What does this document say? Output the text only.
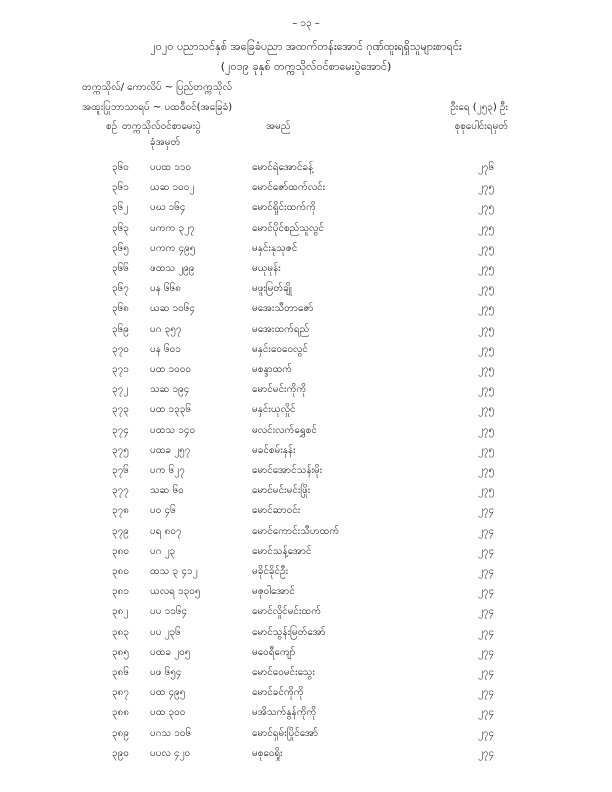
– ၁၃ –
၂၀၂၀ ပညာသင်နှစ် အခြေခံပညာ အထက်တန်းအောင် ဂုဏ်ထူးရရှိသူများစာရင်း
(၂၀၁၉ ခုနှစ် တက္ကသိုလ်ဝင်စာမေးပွဲအောင်)
တက္ကသိုလ်/ ကောလိပ် ~ ပြည်တက္ကသိုလ်
အထူးပြုဘာသာရပ် ~ ပထဝီဝင်(အခြေခံ)	ဦးရေ (၂၅၃) ဦး
စဉ် တက္ကသိုလ်ဝင်စာမေးပွဲ
ခုံအမှတ်
အမည်	စုစုပေါင်းရမှတ်
၃၆၀ ပပထ ၁၁၀	မောင်ရဲအောင်ခန့်	၂၇၆
၃၆၁ ယဆ ၁၀၀၂	မောင်ဇော်ထက်လင်း	၂၇၅
၃၆၂ ပဃ ၁၆၄	မောင်ရှိုင်းထက်ကို	၂၇၅
၃၆၃ ပကက ၃၂၇	မောင်ပိုင်စည်သူလွင်	၂၇၅
၃၆၅ ပကက ၄၉၅	မနှင်းနုသုဇင်	၂၇၅
၃၆၆ ဖထသ ၂၉၉	မယုမုန်း	၂၇၅
၃၆၇ ပန ၆၆၈	မဖူးမြတ်ချို	၂၇၅
၃၆၈ ယဆ ၁၀၆၄	မအေးသီတာဇော်	၂၇၅
၃၆၉ ပဂ ၃၅၇	မအေးထက်ရည်	၂၇၅
၃၇၀ ပန ၆၀၁	မနှင်းဝေဝေလွင်	၂၇၅
၃၇၁ ပထ ၁၀၀၀	မစန္ဒာထက်	၂၇၅
၃၇၂ သဆ ၁၉၄	မောင်မင်းကိုကို	၂၇၅
၃၇၃ ပထ ၁၃၃၆	မနှင်းယုလှိုင်	၂၇၅
၃၇၄ ပထသ ၁၄၀	မလင်းလက်ရွှေစင်	၂၇၅
၃၇၅ ပထခ ၂၅၇	မခင်စမ်းနှန်း	၂၇၅
၃၇၆ ပက ၆၂၇	မောင်အောင်သန်းမိုး	၂၇၅
၃၇၇ သဆ ၆၀	မောင်မင်းမင်းဖြိုး	၂၇၅
၃၇၈ ပဝ ၄၆	မောင်ဆာဝင်း	၂၇၄
၃၇၉ ပရ ၈၀၇	မောင်ကောင်းသီဟထက်	၂၇၄
၃၈၀ ပဂ ၂၃	မောင်သန့်အောင်	၂၇၄
၃၈၀ ထသ ၃ ၄၁၂	မခိုင်ခိုင်ဦး	၂၇၄
၃၈၁ ယလရ ၁၃၀၅	မဇုဝါအောင်	၂၇၄
၃၈၂ ပပ ၁၁၆၄	မောင်လှိုင်မင်းထက်	၂၇၄
၃၈၃ ပပ ၂၃၆	မောင်သွန်းမြတ်အော်	၂၇၄
၃၈၅ ပထခ ၂၀၅	မဝေရီကျော်	၂၇၄
၃၈၆ ပဖ ၆၅၄	မောင်ဝေမင်းသွေး	၂၇၄
၃၈၇ ပထ ၄၉၅	မောင်ခင်ကိုကို	၂၇၄
၃၈၈ ပထ ၃၀၀	မအိသက်နွန်ကိုကို	၂၇၄
၃၈၉ ပဂသ ၁၀၆	မောင်ရှမ်းပြိုင်အော်	၂၇၄
၃၉၀ ပပလ ၄၂၀	မစုဝေရှိုး	၂၇၄
